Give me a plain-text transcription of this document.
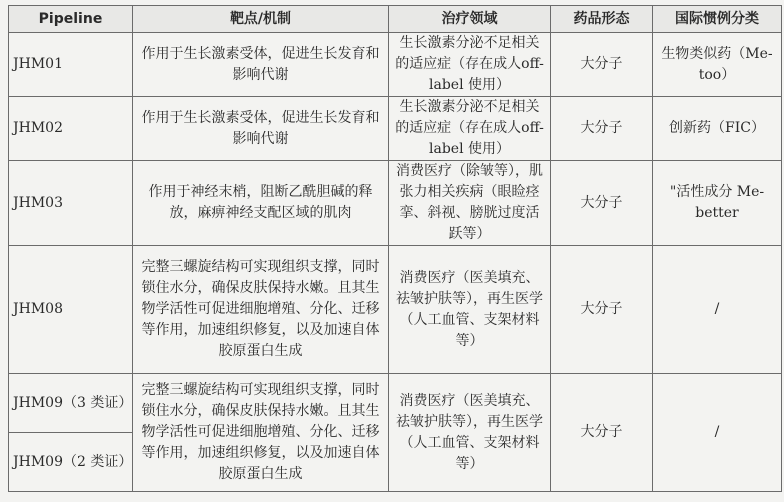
Pipeline	靶点/机制	治疗领域	药品形态	国际惯例分类
JHM01	作用于生长激素受体，促进生长发育和影响代谢	生长激素分泌不足相关的适应症（存在成人off-label 使用）	大分子	生物类似药（Me-too）
JHM02	作用于生长激素受体，促进生长发育和影响代谢	生长激素分泌不足相关的适应症（存在成人off-label 使用）	大分子	创新药（FIC）
JHM03	作用于神经末梢，阻断乙酰胆碱的释放，麻痹神经支配区域的肌肉	消费医疗（除皱等），肌张力相关疾病（眼睑痉挛、斜视、膀胱过度活跃等）	大分子	"活性成分 Me-better
JHM08	完整三螺旋结构可实现组织支撑，同时锁住水分，确保皮肤保持水嫩。且其生物学活性可促进细胞增殖、分化、迁移等作用，加速组织修复，以及加速自体胶原蛋白生成	消费医疗（医美填充、祛皱护肤等），再生医学（人工血管、支架材料等）	大分子	/
JHM09（3 类证）	完整三螺旋结构可实现组织支撑，同时锁住水分，确保皮肤保持水嫩。且其生物学活性可促进细胞增殖、分化、迁移等作用，加速组织修复，以及加速自体胶原蛋白生成	消费医疗（医美填充、祛皱护肤等），再生医学（人工血管、支架材料等）	大分子	/
JHM09（2 类证）				
